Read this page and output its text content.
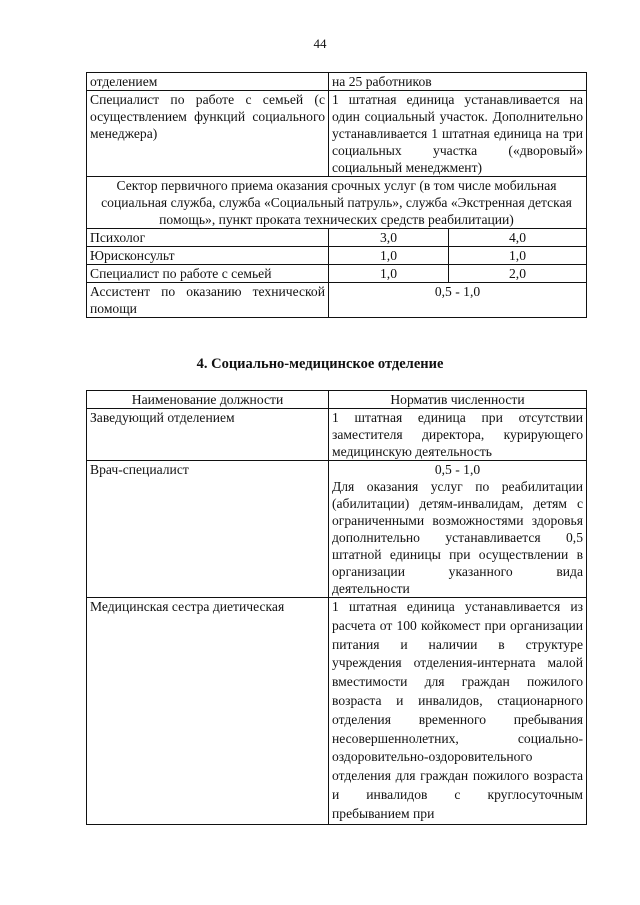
44
отделением	на 25 работников	
Специалист по работе с семьей (с осуществлением функций социального менеджера)	1 штатная единица устанавливается на один социальный участок. Дополнительно устанавливается 1 штатная единица на три социальных участка («дворовый» социальный менеджмент)	
Сектор первичного приема оказания срочных услуг (в том числе мобильная социальная служба, служба «Социальный патруль», служба «Экстренная детская помощь», пункт проката технических средств реабилитации)		
Психолог	3,0	4,0
Юрисконсульт	1,0	1,0
Специалист по работе с семьей	1,0	2,0
Ассистент по оказанию технической помощи	0,5 - 1,0	
4. Социально-медицинское отделение
Наименование должности	Норматив численности
Заведующий отделением	1 штатная единица при отсутствии заместителя директора, курирующего медицинскую деятельность
Врач-специалист	0,5 - 1,0
Для оказания услуг по реабилитации (абилитации) детям-инвалидам, детям с ограниченными возможностями здоровья дополнительно устанавливается 0,5 штатной единицы при осуществлении в организации указанного вида деятельности

Медицинская сестра диетическая	1 штатная единица устанавливается из расчета от 100 койкомест при организации питания и наличии в структуре учреждения отделения-интерната малой вместимости для граждан пожилого возраста и инвалидов, стационарного отделения временного пребывания несовершеннолетних, социально-оздоровительно-оздоровительного отделения для граждан пожилого возраста и инвалидов с круглосуточным пребыванием при
